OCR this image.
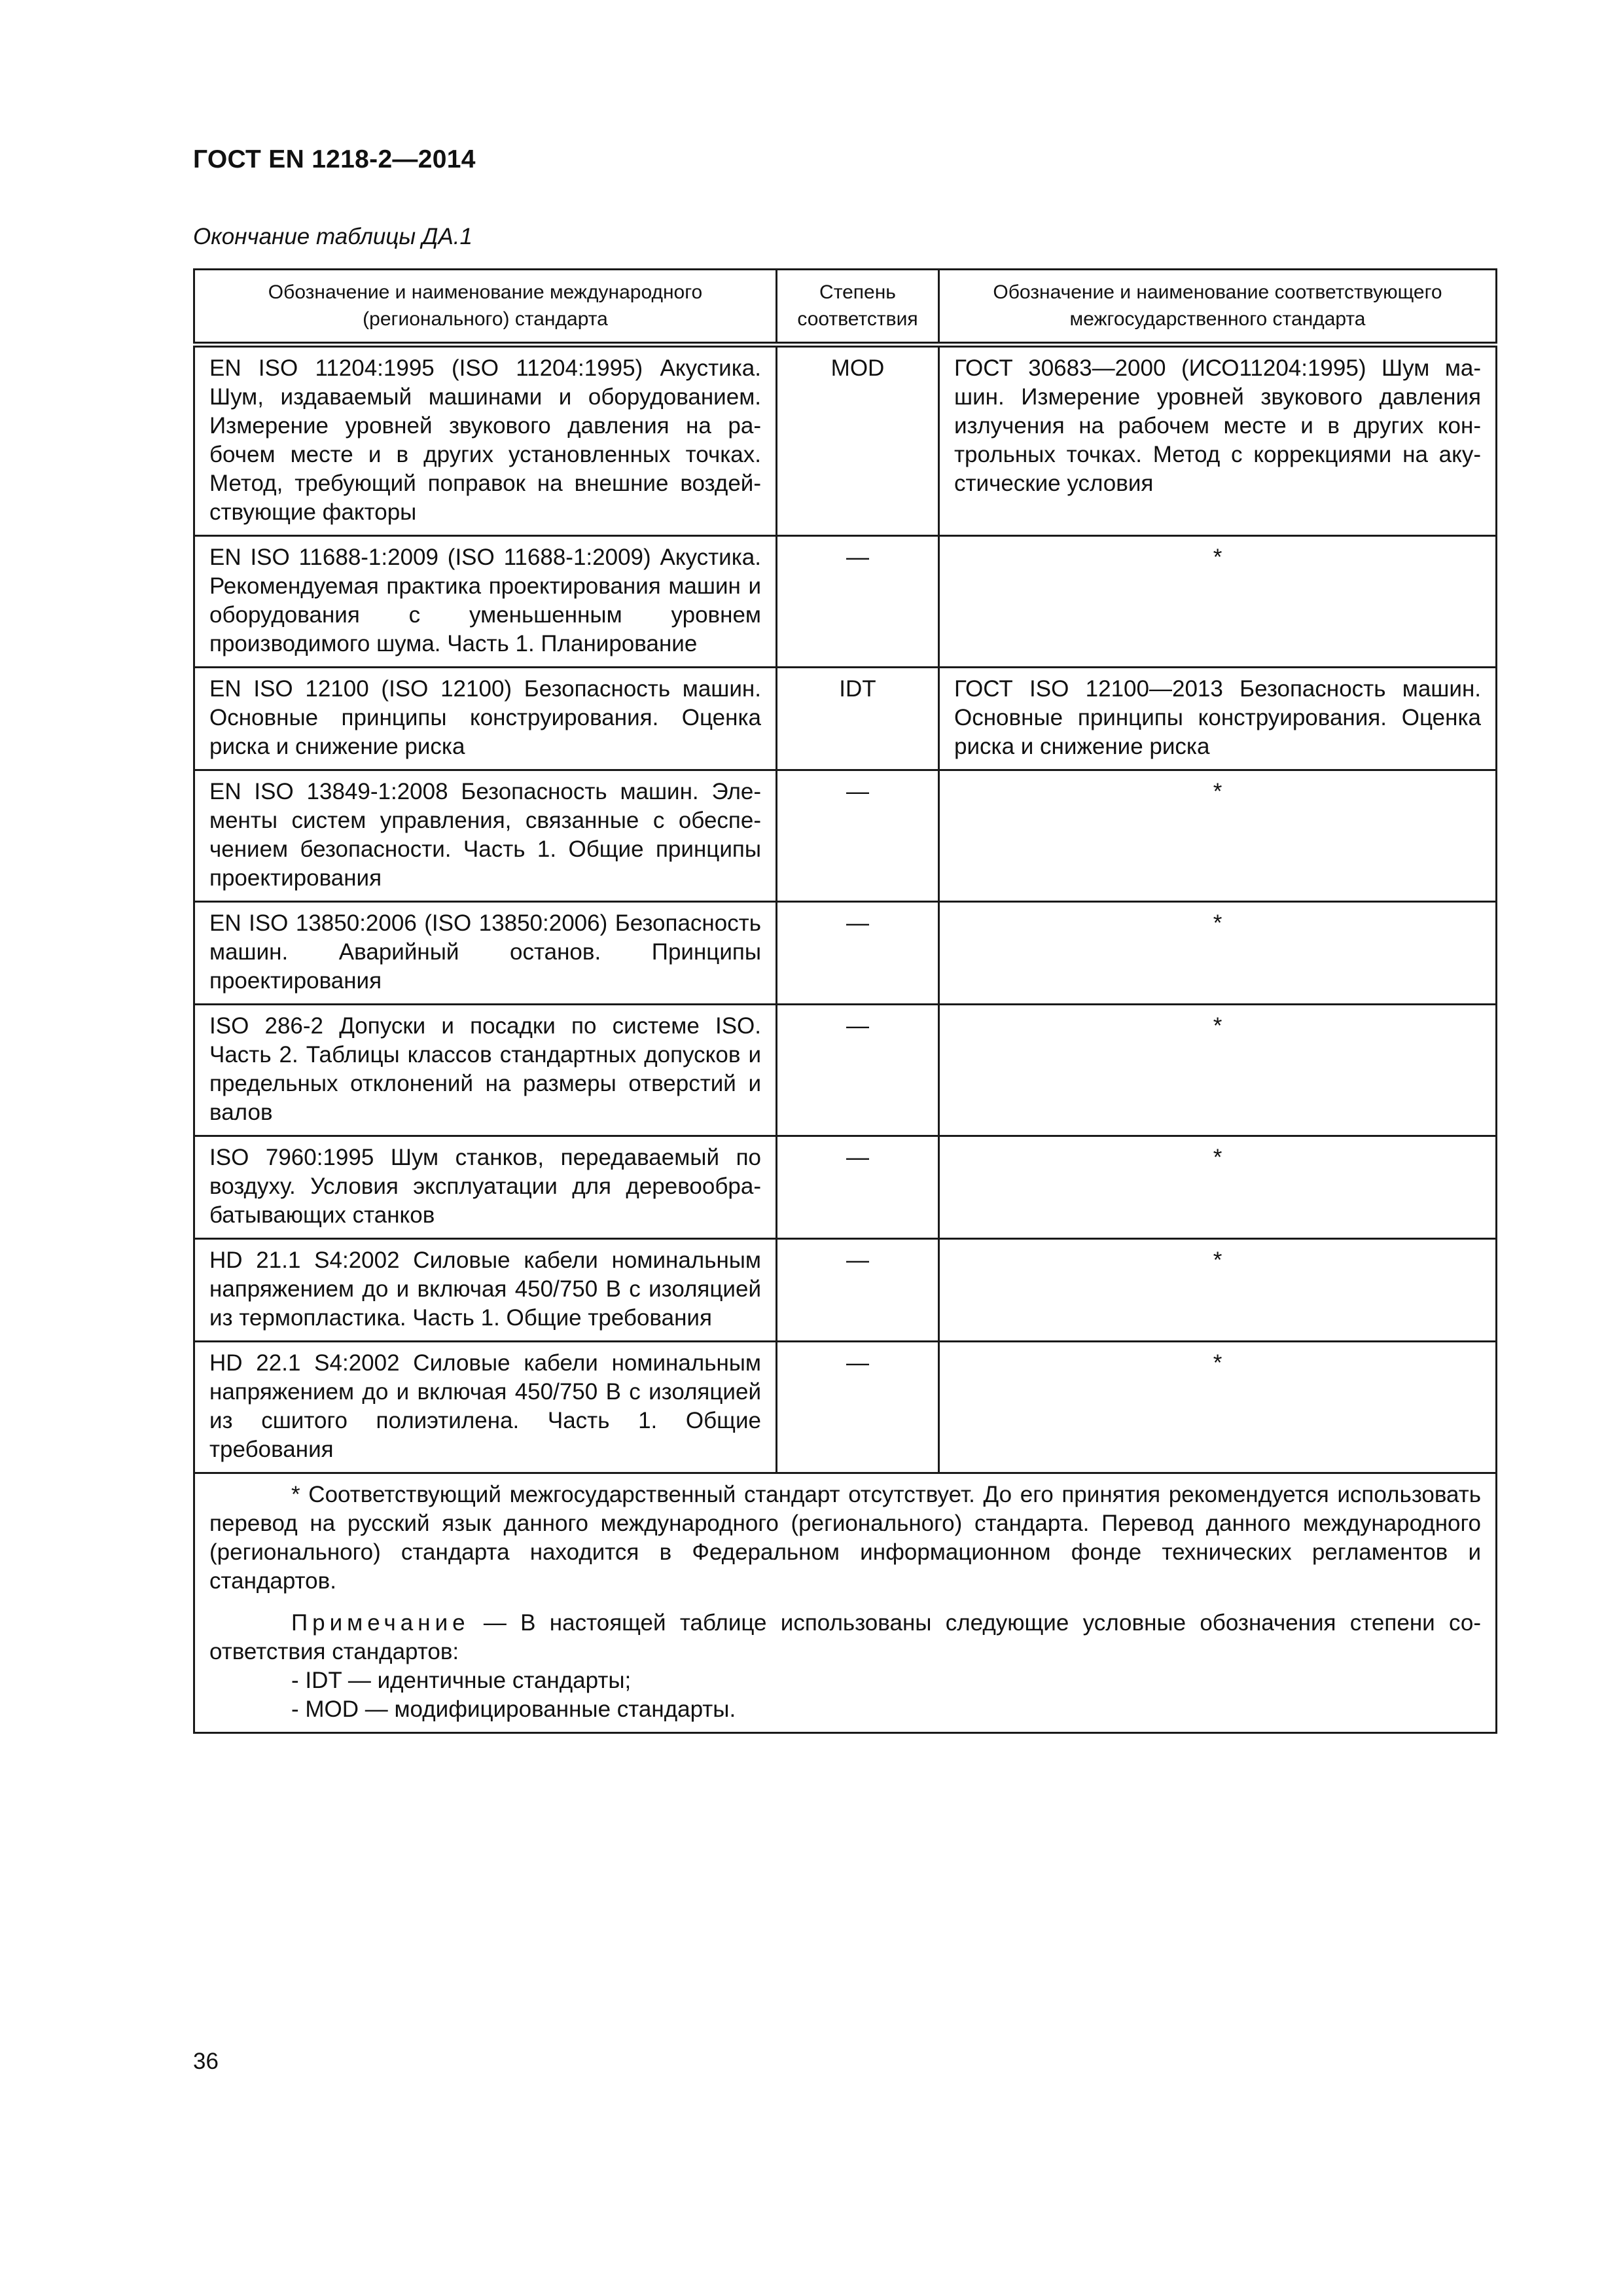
ГОСТ EN 1218-2—2014
Окончание таблицы ДА.1
Обозначение и наименование международного (регионального) стандарта	Степень соответствия	Обозначение и наименование соответствующего межгосударственного стандарта
EN ISO 11204:1995 (ISO 11204:1995) Акустика. Шум, издаваемый машинами и оборудованием. Измерение уровней звукового давления на рабочем месте и в других установленных точках. Метод, требующий поправок на внешние воздействующие факторы	MOD	ГОСТ 30683—2000 (ИСО11204:1995) Шум машин. Измерение уровней звукового давления излучения на рабочем месте и в других контрольных точках. Метод с коррекциями на акустические условия
EN ISO 11688-1:2009 (ISO 11688-1:2009) Акустика. Рекомендуемая практика проектирования машин и оборудования с уменьшенным уровнем производимого шума. Часть 1. Планирование	—	*
EN ISO 12100 (ISO 12100) Безопасность машин. Основные принципы конструирования. Оценка риска и снижение риска	IDT	ГОСТ ISO 12100—2013 Безопасность машин. Основные принципы конструирования. Оценка риска и снижение риска
EN ISO 13849-1:2008 Безопасность машин. Элементы систем управления, связанные с обеспечением безопасности. Часть 1. Общие принципы проектирования	—	*
EN ISO 13850:2006 (ISO 13850:2006) Безопасность машин. Аварийный останов. Принципы проектирования	—	*
ISO 286-2 Допуски и посадки по системе ISO. Часть 2. Таблицы классов стандартных допусков и предельных отклонений на размеры отверстий и валов	—	*
ISO 7960:1995 Шум станков, передаваемый по воздуху. Условия эксплуатации для деревообрабатывающих станков	—	*
HD 21.1 S4:2002 Силовые кабели номинальным напряжением до и включая 450/750 В с изоляцией из термопластика. Часть 1. Общие требования	—	*
HD 22.1 S4:2002 Силовые кабели номинальным напряжением до и включая 450/750 В с изоляцией из сшитого полиэтилена. Часть 1. Общие требования	—	*

* Соответствующий межгосударственный стандарт отсутствует. До его принятия рекомендуется использовать перевод на русский язык данного международного (регионального) стандарта. Перевод данного международного (регионального) стандарта находится в Федеральном информационном фонде технических регламентов и стандартов.

Примечание — В настоящей таблице использованы следующие условные обозначения степени соответствия стандартов:

- IDT — идентичные стандарты;
- MOD — модифицированные стандарты.		
36
